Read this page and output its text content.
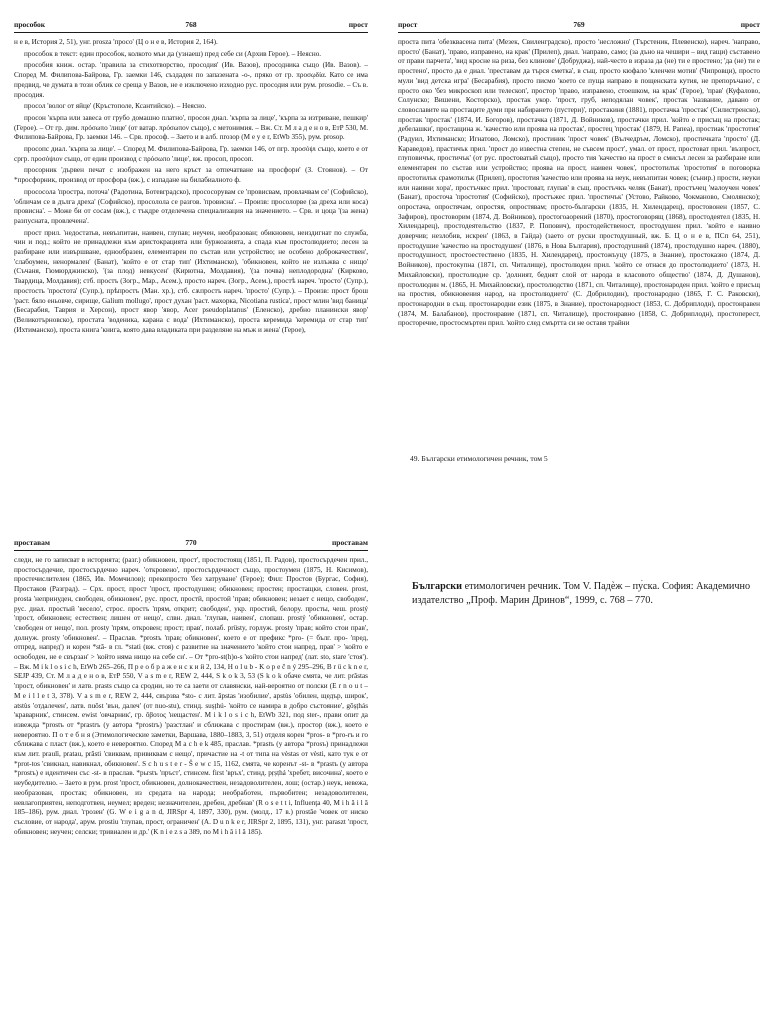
прособок	768	прост

н е в, История 2, 51), унг. prosza 'просо' (Ц о н е в, История 2, 164).

прособок в текст: един прособок, колкото мъи да (узнаеш) пред себе си (Архив Герое). – Неясно.

прособия книж. остар. 'правила за стихотворство, просодия' (Ив. Вазов), просодника също (Ив. Вазов). – Според М. Филипова-Байрова, Гр. заемки 146, създаден по запазената -о-, пряко от гр. προσῳδία. Като се има предвид, че думата в този облик се среща у Вазов, не е изключено изходно рус. просодия или рум. prosodie. – Съ в. просодия.

просол 'волог от яйце' (Кръстополе, Ксантийско). – Неясно.

просон 'кърпа или завеса от грубо домашно платно', просон диал. 'кърпа за лице', 'кърпа за изтриване, пешкир' (Герое). – От гр. дим. πρόσωπο 'лице' (от ватар. πρόσωπον също), с метонимия. – Вж. Ст. М л а д е н о в, ЕтР 530, М. Филипова-Байрова, Гр. заемки 146. – Срв. прософ. – Заето и в алб. пrозор (М е у е r, EtWb 355), рум. prosop.

просопс диал. 'кърпа за лице'. – Според М. Филипова-Байрова, Гр. заемки 146, от пгр. προσόψι също, което е от сргр. προσόψιον също, от един производ с πρόσωπο 'лице', вж. просоп, просоп.

просорник 'дървен печат с изображен на него кръст за отпечатване на просфори' (З. Стоянов). – От *просфорник, производ от просфора (вж.), с изпадане на билабиалното ф.

прососола 'простра, поточа' (Радотина, Ботевградско), прососорувам се 'провисвам, провлачвам се' (Софийско), 'обличам се в дълга дреха' (Софийско), просолола се разгов. 'провисна'. – Произв: просолорве (за дреха или коса) провисна'. – Може би от сосам (вж.), с тъкдре отделечена специализация на значението. – Срв. и цоца '(за жена) разпусната, провлечена'.

прост прил. 'недостатьв, невъзпитан, наивен, глупав; неучен, необразован; обикновен, неиздигнат по служба, чин и под.; който не принадлежи към аристокрацията или буржоазията, а спада към простолюдието; лесен за разбиране или извършване, еднообразен, елементарен по състав или устройство; не особено доброкачествен', 'слабоумен, ненормален' (Банат), 'който е от стар тип' (Ихтиманско), 'обикновен, който не излъжва с нищо' (Съчаня, Гюмюрджинско), '(за плод) невкусен' (Кирютна, Молдавия), '(за почва) неплодородна' (Кирково, Твардица, Молдавия); стб. простъ (Зогр., Мар., Асем.), просто нареч. (Зогр., Асем.), простѣ нареч. 'просто' (Супр.), простость 'простота' (Супр.), прѣпростъ (Ман. хр.), стб. сѫпростъ нареч. 'просто' (Супр.). – Произв: прост брош 'раст. бяло еньовче, сирище, Galium mollugo', прост духан 'раст. махорка, Nicotiana rustica', прост млин 'вид баница' (Бесарабия, Таврия и Херсон), прост явор 'явор, Acer pseudoplatanus' (Еленско), дребно планински явор' (Великотърновско), простата 'воденика, карана с вода' (Ихтиманско), проста керемида 'керемида от стар тип' (Ихтиманско), проста книга 'книга, която дава владиката при разделяне на мъж и жена' (Герое),

прост	769	прост

проста пита 'обезквасена пита' (Мезек, Свиленградско), просто 'несложно' (Търстеник, Плевенско), нареч. 'направо, просто' (Банат), 'право, изправено, на крак' (Прилеп), диал. 'направо, само; (за дъно на чешири – вид гащи) съставено от прави парчета', 'вид кросне на риза, без клинове' (Добруджа), най-често в израза да (не) ти е простено; 'да (не) ти е простено', просто да е диал. 'преставам да търся сметка', в същ. просто кюфало 'кленчен мотив' (Чипровци), просто мули 'вид детска игра' (Бесарабия), просто писмо 'което се пуща направо в пощенската кутия, не препоръчано', с просто око 'без микроскоп или телескоп', простор 'право, изправено, стоешком, на крак' (Герое), 'прав' (Куфалово, Солунско; Вишени, Косторско), простак укор. 'прост, груб, неподялан човек', простак 'название, давано от словославите на простаците думи при набирането (пустери)', простакиня (1881), простачка 'простак' (Силистренско), простак 'простак' (1874, И. Богоров), простачка (1871, Д. Войников), простачки прил. 'който е присъщ на простак; дебелашки', простащина ж. 'качество или проява на простак', простец 'простак' (1879, Н. Рапеа), простиак 'простотия' (Радуил, Ихтиманско; Игнатово, Ломско), простиник 'прост човек' (Вълчедръм, Ломско), простичката 'просто' (Д. Караведов), прастичък прил. 'прост до известна степен, не съвсем прост', умал. от прост, простоват прил. 'възпрост, глуповичък, простичък' (от рус. простоватый също), просто тия 'качество на прост в смисъл лесен за разбиране или елементарен по състав или устройство; проява на прост, наивен човек', простотилък 'простотия' в поговорка простотилък срамотилък (Прилеп), простотия 'качество или проява на неук, невъзпитан човек; (сънир.) прости, неуки или наивни хора', простъчкес прил. 'простоват, глупав' в същ. простъчкъ челяк (Банат), простъчец 'малоучен човек' (Банат), просточа 'простотия' (Софийско), простъжес прил. 'простичък' (Устово, Райково, Чокманово, Смолянско); опростача, опростячам, опростяя, опростявам; просто-български (1835, Н. Хилендарец), простовонен (1857, С. Зафиров), простоворим (1874, Д. Войников), простогоаорений (1870), простоговорящ (1868), простодеятел (1835, Н. Хилендарец), простодеятельство (1837, Р. Попович), простодейственост, простодушен прил. 'който е наивно доверчив; незлобив, искрен' (1863, в Гайда) (заето от руски простодушный, вж. Б. Ц о н е в, ПСп 64, 251), простодушие 'качество на простодушен' (1876, в Нова България), простодушний (1874), простодушно нареч. (1880), простодушност, простоестествено (1835, Н. Хилендарец), простожъуцу (1875, в Знание), простоказно (1874, Д. Войников), простокупна (1871, сп. Читалище), простолюден прил. 'който се отнася до простолюдието' (1873, Н. Михайловски), простолюдие ср. 'долният, беднят слой от народа в класовото общество' (1874, Д. Душанов), простолюдин м. (1865, Н. Михайловски), простолюдство (1871, сп. Читалище), простонароден прил. 'който е присъщ на простия, обикновения народ, на простолюдието' (С. Добрилодин), простонародно (1865, Г. С. Раковски), простонародни в същ. простонародни език (1875, в Знание), простонародност (1853, С. Добриплодн), простонравен (1874, М. Балабанов), простонравие (1871, сп. Читалище), простонравно (1858, С. Добриплодн), простоперест, просторечие, простосмъртен прил. 'който след смъртта си не оставя трайни

49. Български етимологичен речник, том 5
проставам	770	проставам

следи, не го записват в историята; (разг.) обикновен, прост', простостоящ (1851, П. Радов), простосърдечен прил., простосърдечие, простосърдечно нареч. 'откровено', простосърдечност също, простоумен (1875, Н. Кисимов), простечислителен (1865, Ив. Момчилов); прекопросто 'без хатруване' (Герое); Фил: Простов (Бургас, София), Простаков (Разград). – Срх. прост, прост 'прост, простодушен; обикновен; простен; простащки, словен. prost, prosta 'непринуден, свободен, обикновен', рус. прост, простй, простой 'прав; обикновен; незает с нещо, свободен', рус. диал. простый 'весело', строс. простъ 'прям, открит; свободен', укр. простий, белору. просты, чеш. prostý 'прост, обикновен; естествен; лишен от нещо', слвн. диал. 'глупав, наивен', слопаш. prostý 'обикновен', остар. 'свободен от нещо', пол. prosty 'прям, откровен; прост; прав', полаб. prüsty, горлуж. prosty 'прав; който стои прав', долнуж. prosty 'обикновен'. – Праслав. *prostъ 'прав; обикновен', което е от префикс *pro- (= бълг. про- 'пред, отпред, напред') и корен *stā- в гл. *stati (вж. стоя) с развитие на значението 'който стои напред, прав' > 'който е освободен, не е свързан' > 'който няма нищо на себе си'. – От *pro-st(h)o-s 'който стои напред' (лат. sto, stare 'стоя'). – Вж. M i k l o s i c h, EtWb 265–266, П р е о б р а ж е н с к и й 2, 134, H o l u b - K o p e č n ý 295–296, B r ü c k n e r, SEJP 439, Ст. М л а д е н о в, ЕтР 550, V a s m e r, REW 2, 444, S k o k 3, 53 (S k o k обаче смята, че лит. prãstas 'прост, обикновен' и латв. prasts също са сродни, но те са заети от славянски, най-вероятно от полски (E r n o u t – M e i l l e t 3, 378). V a s m e r, REW 2, 444, свързва *sto- с лит. ãpstas 'изобилие', apstùs 'обилен, щедър, широк', atstùs 'отдалечен', латв. nuõst 'вън, далеч' (от nuo-stu), стинд. sușțhú- 'който се намира в добро състояние', gōșțhás 'краварник', стинсем. ewist 'овчарник', гр. ὄβοτος 'нещастен'. M i k l o s i c h, EtWb 321, под ster-, прави опит да извежда *prostъ от *prastrъ (у автора *prostrъ) 'разстлан' и сближава с простирам (вж.), простор (вж.), което е невероятно. П о т е б н я (Этимологические заметки, Варшава, 1880–1883, 3, 51) отделя корен *pros- в *pro-rъ и го сближава с пласт (вж.), което е невероятно. Според M a c h e k 485, праслав. *prastъ (у автора *prosъ) принадлежи към лит. praulì, pratau, prãsti 'свиквам, привиквам с нещо', причастие на -t от типа на vèstas от vèsti, като тук е от *prot-tos 'свикнал, навикнал, обикновен'. S c h u s t e r - Š e w c 15, 1162, смята, че коренът -st- в *prastъ (у автора *prostъ) е идентичен със -st- в праслав. *pьrstъ 'пръст', стинсем. first 'връх', стинд. pṛṣṭhá 'хребет, височина', което е неубедително. – Заето в рум. prost 'прост, обикновен, долнокачествен, незадоволителен, лош; (остар.) неук, невежа, необразован, простак; обикновен, из средата на народа; необработен, първобитен; незадоволителен, невлагоприятен, неподготвен, неумел; вреден; незначителен, дребен, дребнав' (R o s e t t i, Influenţa 40, M i h ă i l ă 185–186), рум. диал. 'грозен' (G. W e i g a n d, JIRSpr 4, 1897, 330), рум. (молд., 17 в.) prostăe 'човек от ниско съсловие, от народа', арум. prostiu 'глупав, прост, ограничен' (A. D u n k e r, JIRSpr 2, 1895, 131), унг. paraszt 'прост, обикновен; неучен; селски; тривиален и др.' (K n i e z s a 389, по M i h ă i l ă 185).

Български етимологичен речник. Том V. Падѐж – пу̀ска. София: Академично издателство „Проф. Марин Дринов“, 1999, с. 768 – 770.
